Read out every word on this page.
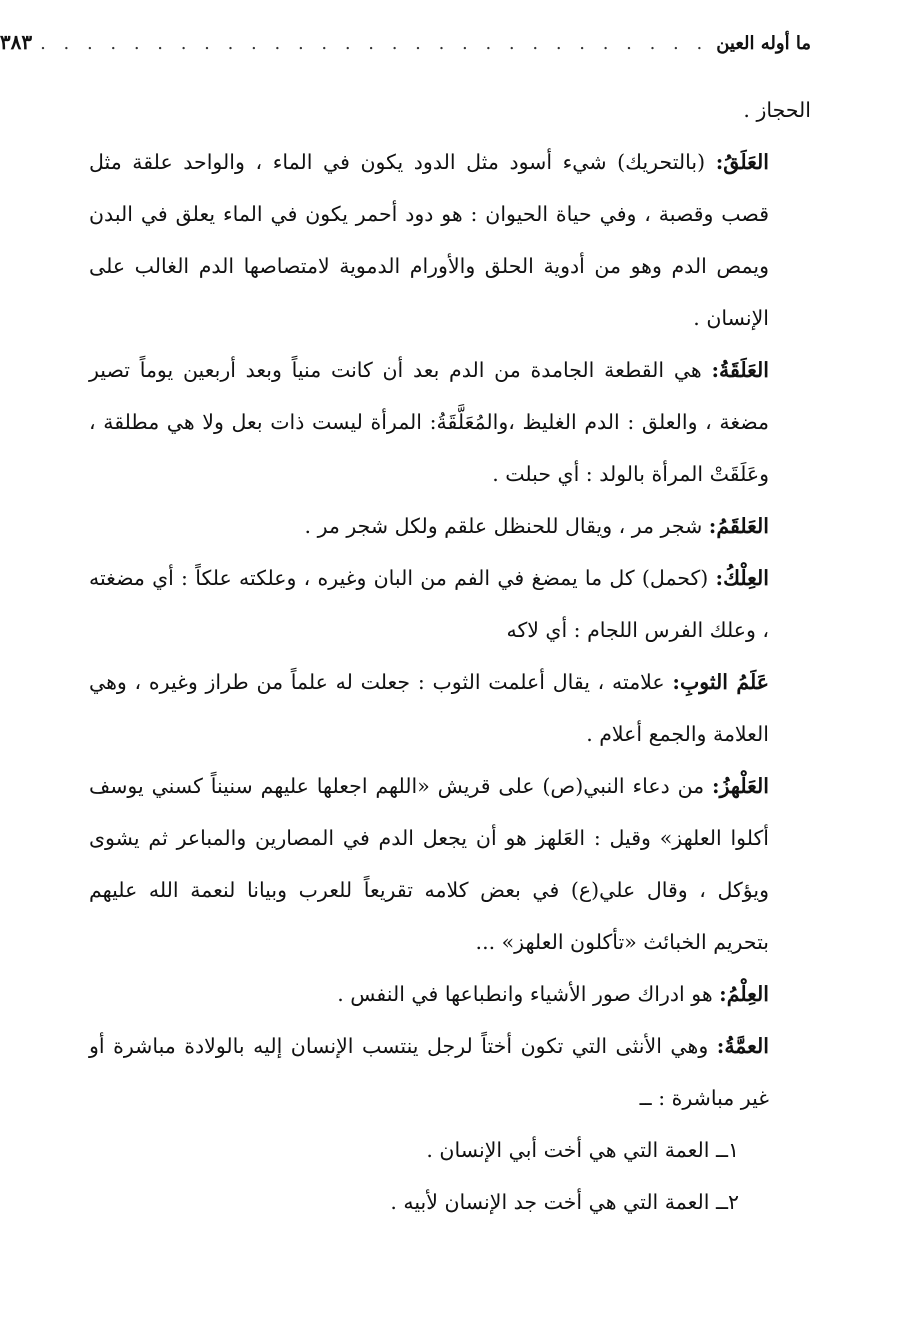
ما أوله العين
. . . . . . . . . . . . . . . . . . . . . . . . . . . . .
٣٨٣

الحجاز .

العَلَقُ: (بالتحريك) شيء أسود مثل الدود يكون في الماء ، والواحد علقة مثل قصب وقصبة ، وفي حياة الحيوان : هو دود أحمر يكون في الماء يعلق في البدن ويمص الدم وهو من أدوية الحلق والأورام الدموية لامتصاصها الدم الغالب على الإنسان .

العَلَقَةُ: هي القطعة الجامدة من الدم بعد أن كانت منياً وبعد أربعين يوماً تصير مضغة ، والعلق : الدم الغليظ ،والمُعَلَّقَةُ: المرأة ليست ذات بعل ولا هي مطلقة ، وعَلَقَتْ المرأة بالولد : أي حبلت .

العَلقَمُ: شجر مر ، ويقال للحنظل علقم ولكل شجر مر .

العِلْكُ: (كحمل) كل ما يمضغ في الفم من البان وغيره ، وعلكته علكاً : أي مضغته ، وعلك الفرس اللجام : أي لاكه

عَلَمُ الثوبِ: علامته ، يقال أعلمت الثوب : جعلت له علماً من طراز وغيره ، وهي العلامة والجمع أعلام .

العَلْهزُ: من دعاء النبي(ص) على قريش «اللهم اجعلها عليهم سنيناً كسني يوسف أكلوا العلهز» وقيل : العَلهز هو أن يجعل الدم في المصارين والمباعر ثم يشوى ويؤكل ، وقال علي(ع) في بعض كلامه تقريعاً للعرب وبيانا لنعمة الله عليهم بتحريم الخبائث «تأكلون العلهز» ...

العِلْمُ: هو ادراك صور الأشياء وانطباعها في النفس .

العمَّةُ: وهي الأنثى التي تكون أختاً لرجل ينتسب الإنسان إليه بالولادة مباشرة أو غير مباشرة : ــ

١ــ العمة التي هي أخت أبي الإنسان .

٢ــ العمة التي هي أخت جد الإنسان لأبيه .
